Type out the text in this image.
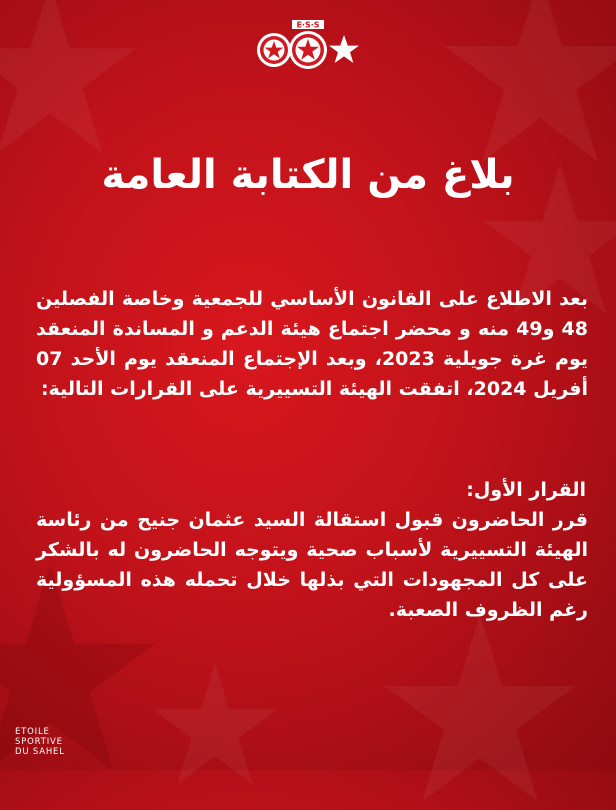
E·S·S
بلاغ من الكتابة العامة

بعد الاطلاع على القانون الأساسي للجمعية وخاصة الفصلين 48 و49 منه و محضر اجتماع هيئة الدعم و المساندة المنعقد يوم غرة جويلية 2023، وبعد الإجتماع المنعقد يوم الأحد 07 أفريل 2024، اتفقت الهيئة التسييرية على القرارات التالية:

القرار الأول:

قرر الحاضرون قبول استقالة السيد عثمان جنيح من رئاسة الهيئة التسييرية لأسباب صحية ويتوجه الحاضرون له بالشكر على كل المجهودات التي بذلها خلال تحمله هذه المسؤولية رغم الظروف الصعبة.

ETOILE
SPORTIVE
DU SAHEL
